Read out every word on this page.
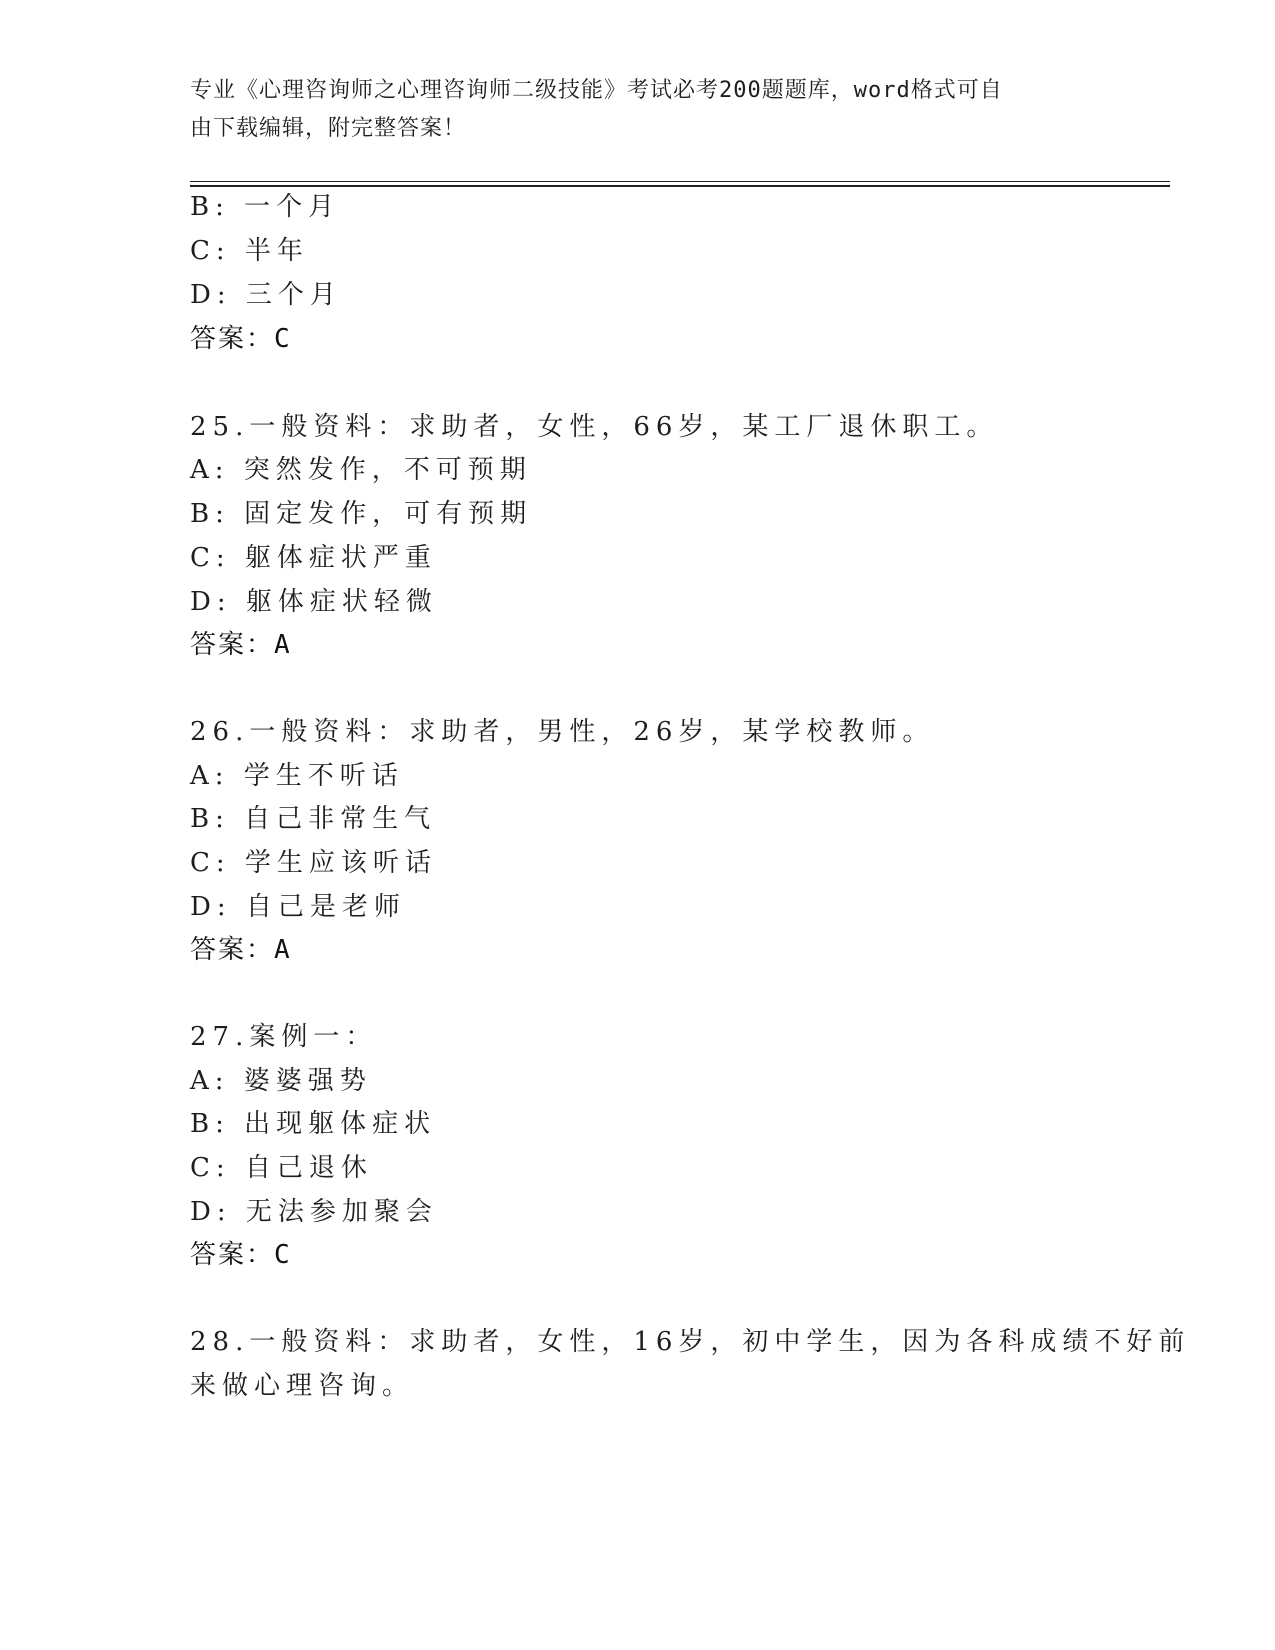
专业《心理咨询师之心理咨询师二级技能》考试必考200题题库，word格式可自
由下载编辑，附完整答案！
B: 一个月
C: 半年
D: 三个月
答案：C
25.一般资料：求助者，女性，66岁，某工厂退休职工。
A: 突然发作，不可预期
B: 固定发作，可有预期
C: 躯体症状严重
D: 躯体症状轻微
答案：A
26.一般资料：求助者，男性，26岁，某学校教师。
A: 学生不听话
B: 自己非常生气
C: 学生应该听话
D: 自己是老师
答案：A
27.案例一：
A: 婆婆强势
B: 出现躯体症状
C: 自己退休
D: 无法参加聚会
答案：C
28.一般资料：求助者，女性，16岁，初中学生，因为各科成绩不好前
来做心理咨询。
